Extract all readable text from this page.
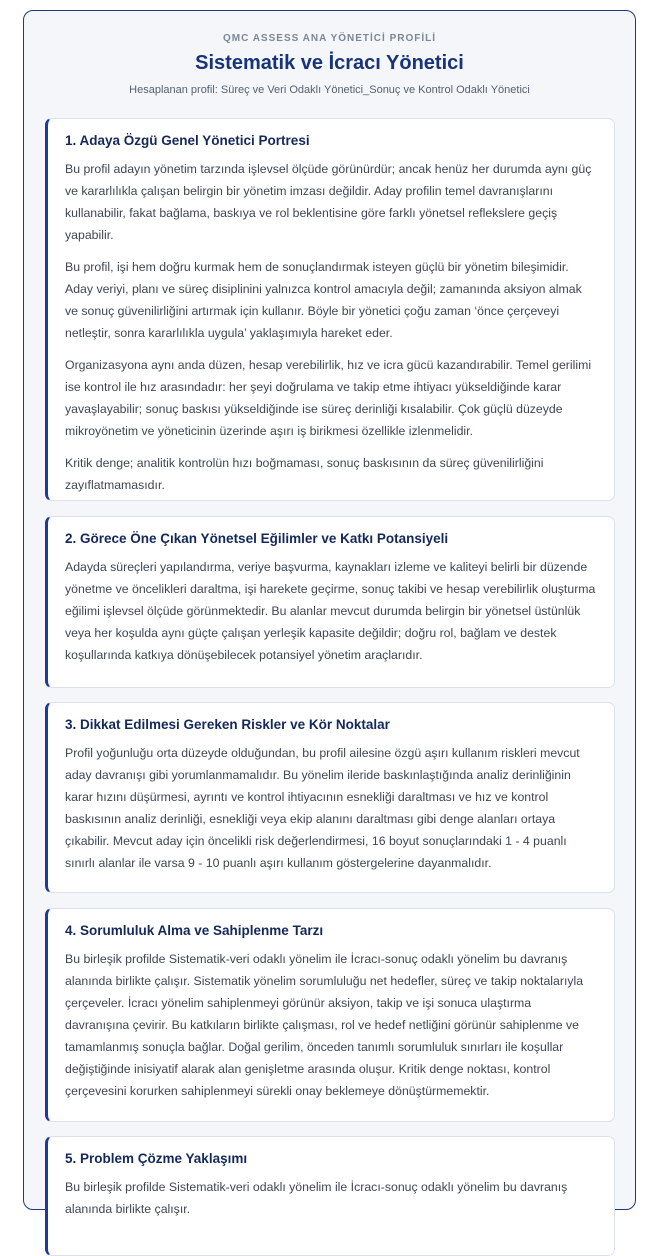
QMC ASSESS ANA YÖNETİCİ PROFİLİ
Sistematik ve İcracı Yönetici
Hesaplanan profil: Süreç ve Veri Odaklı Yönetici_Sonuç ve Kontrol Odaklı Yönetici
1. Adaya Özgü Genel Yönetici Portresi

Bu profil adayın yönetim tarzında işlevsel ölçüde görünürdür; ancak henüz her durumda aynı güç ve kararlılıkla çalışan belirgin bir yönetim imzası değildir. Aday profilin temel davranışlarını kullanabilir, fakat bağlama, baskıya ve rol beklentisine göre farklı yönetsel reflekslere geçiş yapabilir.

Bu profil, işi hem doğru kurmak hem de sonuçlandırmak isteyen güçlü bir yönetim bileşimidir. Aday veriyi, planı ve süreç disiplinini yalnızca kontrol amacıyla değil; zamanında aksiyon almak ve sonuç güvenilirliğini artırmak için kullanır. Böyle bir yönetici çoğu zaman ‘önce çerçeveyi netleştir, sonra kararlılıkla uygula’ yaklaşımıyla hareket eder.

Organizasyona aynı anda düzen, hesap verebilirlik, hız ve icra gücü kazandırabilir. Temel gerilimi ise kontrol ile hız arasındadır: her şeyi doğrulama ve takip etme ihtiyacı yükseldiğinde karar yavaşlayabilir; sonuç baskısı yükseldiğinde ise süreç derinliği kısalabilir. Çok güçlü düzeyde mikroyönetim ve yöneticinin üzerinde aşırı iş birikmesi özellikle izlenmelidir.

Kritik denge; analitik kontrolün hızı boğmaması, sonuç baskısının da süreç güvenilirliğini zayıflatmamasıdır.

2. Görece Öne Çıkan Yönetsel Eğilimler ve Katkı Potansiyeli

Adayda süreçleri yapılandırma, veriye başvurma, kaynakları izleme ve kaliteyi belirli bir düzende yönetme ve öncelikleri daraltma, işi harekete geçirme, sonuç takibi ve hesap verebilirlik oluşturma eğilimi işlevsel ölçüde görünmektedir. Bu alanlar mevcut durumda belirgin bir yönetsel üstünlük veya her koşulda aynı güçte çalışan yerleşik kapasite değildir; doğru rol, bağlam ve destek koşullarında katkıya dönüşebilecek potansiyel yönetim araçlarıdır.

3. Dikkat Edilmesi Gereken Riskler ve Kör Noktalar

Profil yoğunluğu orta düzeyde olduğundan, bu profil ailesine özgü aşırı kullanım riskleri mevcut aday davranışı gibi yorumlanmamalıdır. Bu yönelim ileride baskınlaştığında analiz derinliğinin karar hızını düşürmesi, ayrıntı ve kontrol ihtiyacının esnekliği daraltması ve hız ve kontrol baskısının analiz derinliği, esnekliği veya ekip alanını daraltması gibi denge alanları ortaya çıkabilir. Mevcut aday için öncelikli risk değerlendirmesi, 16 boyut sonuçlarındaki 1 - 4 puanlı sınırlı alanlar ile varsa 9 - 10 puanlı aşırı kullanım göstergelerine dayanmalıdır.

4. Sorumluluk Alma ve Sahiplenme Tarzı

Bu birleşik profilde Sistematik-veri odaklı yönelim ile İcracı-sonuç odaklı yönelim bu davranış alanında birlikte çalışır. Sistematik yönelim sorumluluğu net hedefler, süreç ve takip noktalarıyla çerçeveler. İcracı yönelim sahiplenmeyi görünür aksiyon, takip ve işi sonuca ulaştırma davranışına çevirir. Bu katkıların birlikte çalışması, rol ve hedef netliğini görünür sahiplenme ve tamamlanmış sonuçla bağlar. Doğal gerilim, önceden tanımlı sorumluluk sınırları ile koşullar değiştiğinde inisiyatif alarak alan genişletme arasında oluşur. Kritik denge noktası, kontrol çerçevesini korurken sahiplenmeyi sürekli onay beklemeye dönüştürmemektir.

5. Problem Çözme Yaklaşımı

Bu birleşik profilde Sistematik-veri odaklı yönelim ile İcracı-sonuç odaklı yönelim bu davranış alanında birlikte çalışır.
